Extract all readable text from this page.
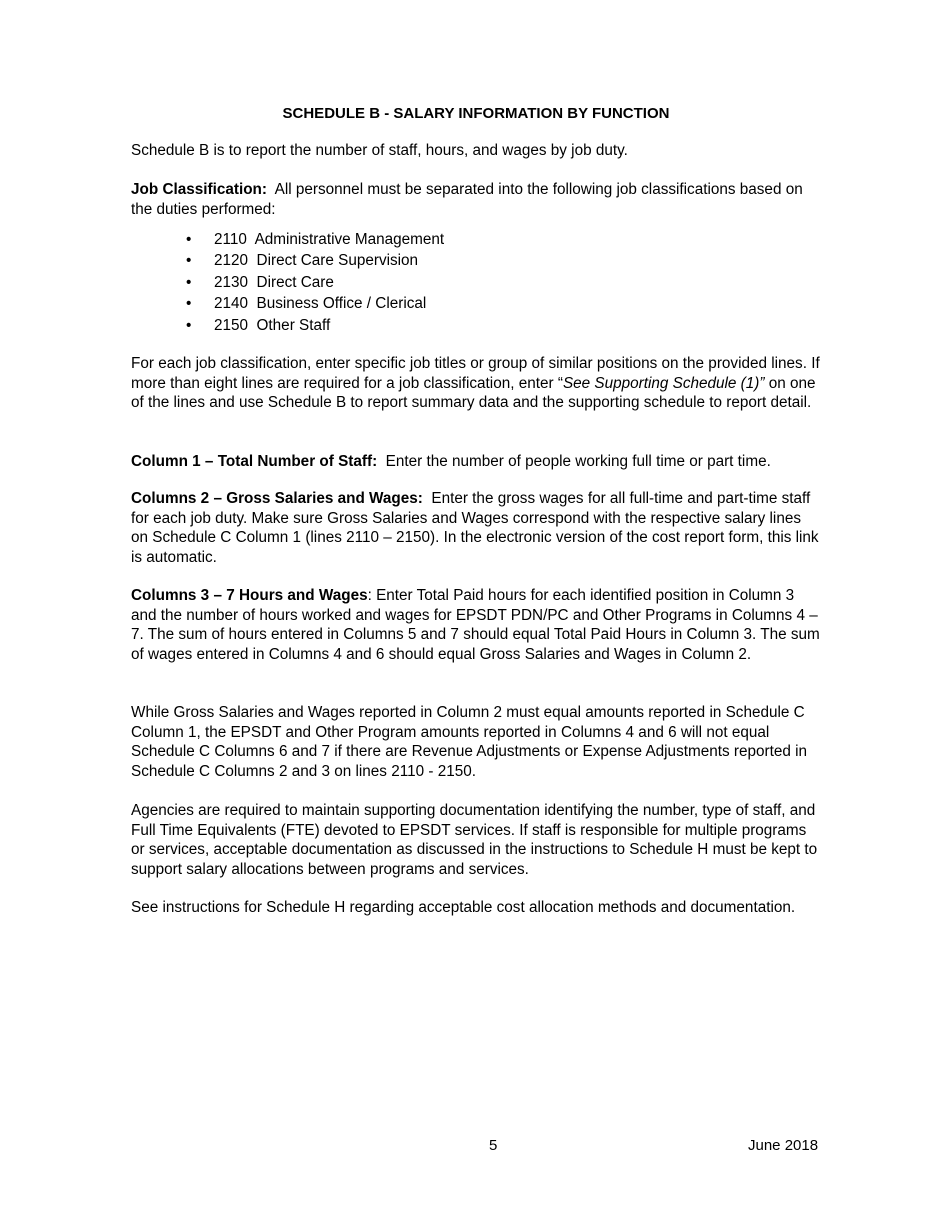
SCHEDULE B - SALARY INFORMATION BY FUNCTION

Schedule B is to report the number of staff, hours, and wages by job duty.

Job Classification: All personnel must be separated into the following job classifications based on the duties performed:

• 2110 Administrative Management
• 2120 Direct Care Supervision
• 2130 Direct Care
• 2140 Business Office / Clerical
• 2150 Other Staff

For each job classification, enter specific job titles or group of similar positions on the provided lines. If more than eight lines are required for a job classification, enter “See Supporting Schedule (1)” on one of the lines and use Schedule B to report summary data and the supporting schedule to report detail.

Column 1 – Total Number of Staff: Enter the number of people working full time or part time.

Columns 2 – Gross Salaries and Wages: Enter the gross wages for all full-time and part-time staff for each job duty. Make sure Gross Salaries and Wages correspond with the respective salary lines on Schedule C Column 1 (lines 2110 – 2150). In the electronic version of the cost report form, this link is automatic.

Columns 3 – 7 Hours and Wages: Enter Total Paid hours for each identified position in Column 3 and the number of hours worked and wages for EPSDT PDN/PC and Other Programs in Columns 4 – 7. The sum of hours entered in Columns 5 and 7 should equal Total Paid Hours in Column 3. The sum of wages entered in Columns 4 and 6 should equal Gross Salaries and Wages in Column 2.

While Gross Salaries and Wages reported in Column 2 must equal amounts reported in Schedule C Column 1, the EPSDT and Other Program amounts reported in Columns 4 and 6 will not equal Schedule C Columns 6 and 7 if there are Revenue Adjustments or Expense Adjustments reported in Schedule C Columns 2 and 3 on lines 2110 - 2150.

Agencies are required to maintain supporting documentation identifying the number, type of staff, and Full Time Equivalents (FTE) devoted to EPSDT services. If staff is responsible for multiple programs or services, acceptable documentation as discussed in the instructions to Schedule H must be kept to support salary allocations between programs and services.

See instructions for Schedule H regarding acceptable cost allocation methods and documentation.

5	June 2018
